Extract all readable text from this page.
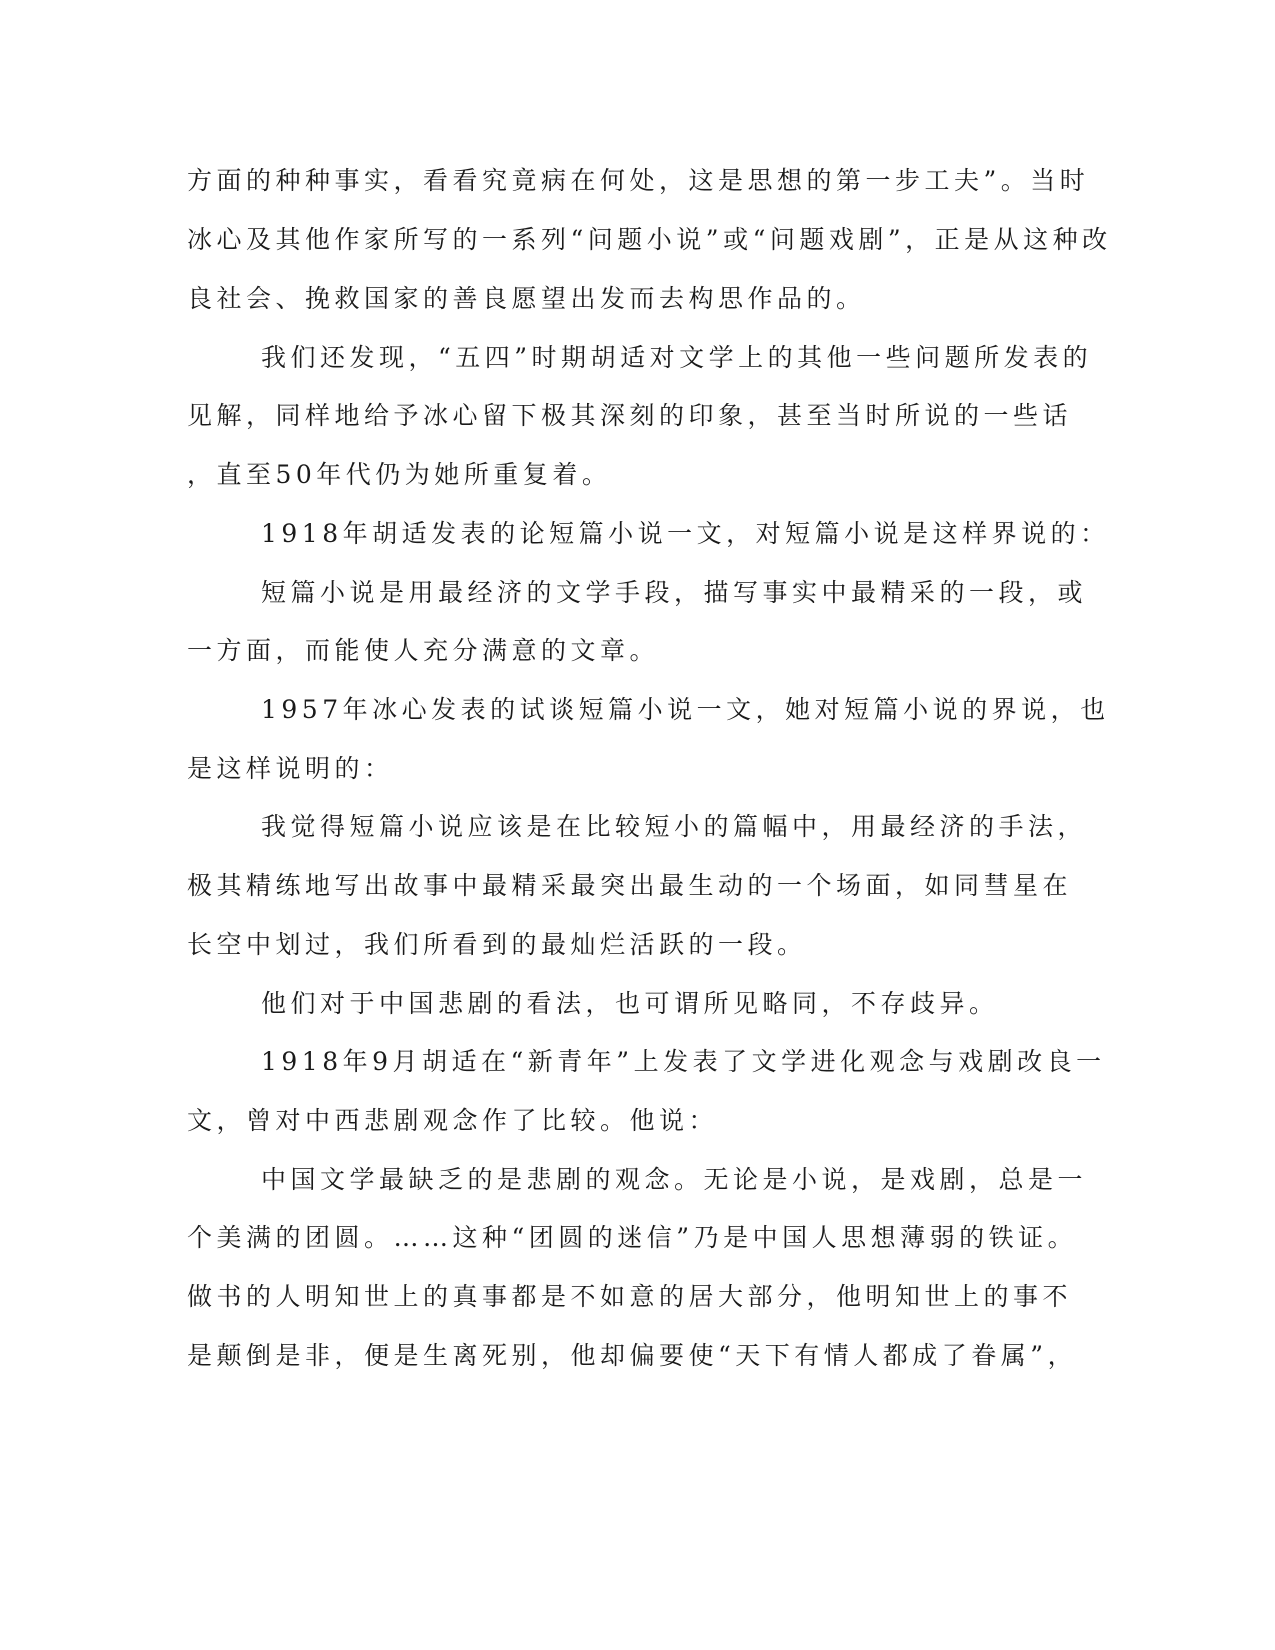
方面的种种事实，看看究竟病在何处，这是思想的第一步工夫”。当时

冰心及其他作家所写的一系列“问题小说”或“问题戏剧”，正是从这种改

良社会、挽救国家的善良愿望出发而去构思作品的。

我们还发现，“五四”时期胡适对文学上的其他一些问题所发表的

见解，同样地给予冰心留下极其深刻的印象，甚至当时所说的一些话

，直至50年代仍为她所重复着。

1918年胡适发表的论短篇小说一文，对短篇小说是这样界说的：

短篇小说是用最经济的文学手段，描写事实中最精采的一段，或

一方面，而能使人充分满意的文章。

1957年冰心发表的试谈短篇小说一文，她对短篇小说的界说，也

是这样说明的：

我觉得短篇小说应该是在比较短小的篇幅中，用最经济的手法，

极其精练地写出故事中最精采最突出最生动的一个场面，如同彗星在

长空中划过，我们所看到的最灿烂活跃的一段。

他们对于中国悲剧的看法，也可谓所见略同，不存歧异。

1918年9月胡适在“新青年”上发表了文学进化观念与戏剧改良一

文，曾对中西悲剧观念作了比较。他说：

中国文学最缺乏的是悲剧的观念。无论是小说，是戏剧，总是一

个美满的团圆。……这种“团圆的迷信”乃是中国人思想薄弱的铁证。

做书的人明知世上的真事都是不如意的居大部分，他明知世上的事不

是颠倒是非，便是生离死别，他却偏要使“天下有情人都成了眷属”，
